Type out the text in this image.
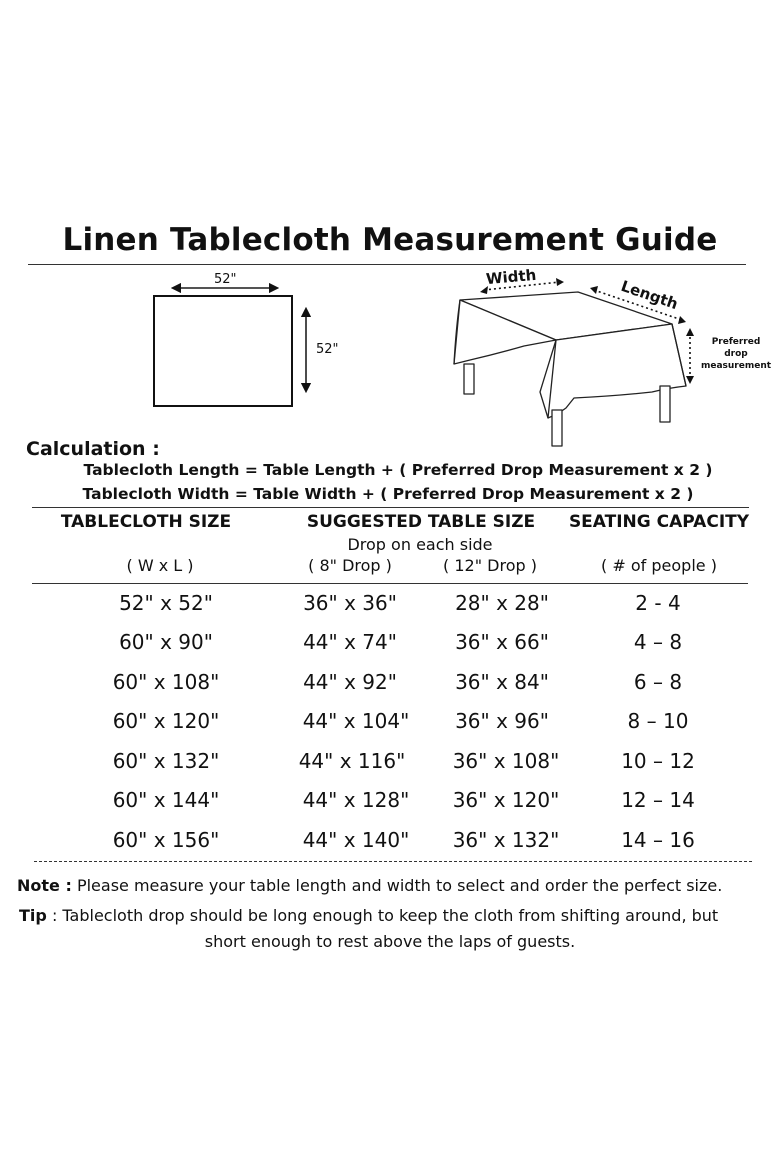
Linen Tablecloth Measurement Guide
52"
52"
Width	Length
Preferred
drop
measurement
Calculation :
Tablecloth Length = Table Length + ( Preferred Drop Measurement x 2 )
Tablecloth Width = Table Width + ( Preferred Drop Measurement x 2 )
TABLECLOTH SIZE	SUGGESTED TABLE SIZE	SEATING CAPACITY
Drop on each side
( W x L )	( 8" Drop )	( 12" Drop )	( # of people )
52" x 52"	36" x 36"	28" x 28"	2 - 4
60" x 90"	44" x 74"	36" x 66"	4 – 8
60" x 108"	44" x 92"	36" x 84"	6 – 8
60" x 120"	44" x 104"	36" x 96"	8 – 10
60" x 132"	44" x 116"	36" x 108"	10 – 12
60" x 144"	44" x 128"	36" x 120"	12 – 14
60" x 156"	44" x 140"	36" x 132"	14 – 16
Note : Please measure your table length and width to select and order the perfect size.
Tip : Tablecloth drop should be long enough to keep the cloth from shifting around, but
short enough to rest above the laps of guests.
